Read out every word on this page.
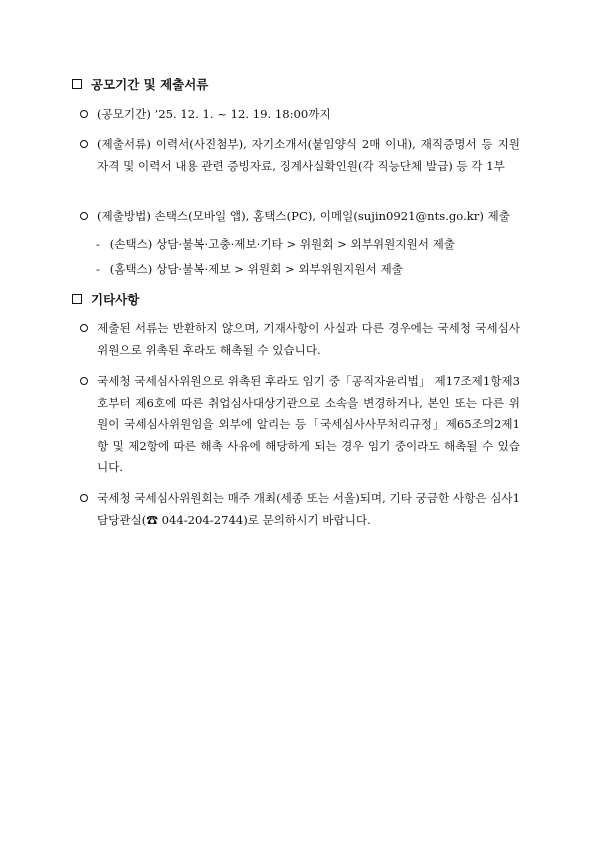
공모기간 및 제출서류
(공모기간) ’25. 12. 1. ~ 12. 19. 18:00까지
(제출서류) 이력서(사진첨부), 자기소개서(붙임양식 2매 이내), 재직증명서 등 지원자격 및 이력서 내용 관련 증빙자료, 징계사실확인원(각 직능단체 발급) 등 각 1부
(제출방법) 손택스(모바일 앱), 홈택스(PC), 이메일(sujin0921@nts.go.kr) 제출
- (손택스) 상담·불복·고충·제보·기타 > 위원회 > 외부위원지원서 제출
- (홈택스) 상담·불복·제보 > 위원회 > 외부위원지원서 제출
기타사항
제출된 서류는 반환하지 않으며, 기재사항이 사실과 다른 경우에는 국세청 국세심사위원으로 위촉된 후라도 해촉될 수 있습니다.
국세청 국세심사위원으로 위촉된 후라도 임기 중「공직자윤리법」 제17조제1항제3호부터 제6호에 따른 취업심사대상기관으로 소속을 변경하거나, 본인 또는 다른 위원이 국세심사위원임을 외부에 알리는 등「국세심사사무처리규정」제65조의2제1항 및 제2항에 따른 해촉 사유에 해당하게 되는 경우 임기 중이라도 해촉될 수 있습니다.
국세청 국세심사위원회는 매주 개최(세종 또는 서울)되며, 기타 궁금한 사항은 심사1담당관실(☎ 044-204-2744)로 문의하시기 바랍니다.
